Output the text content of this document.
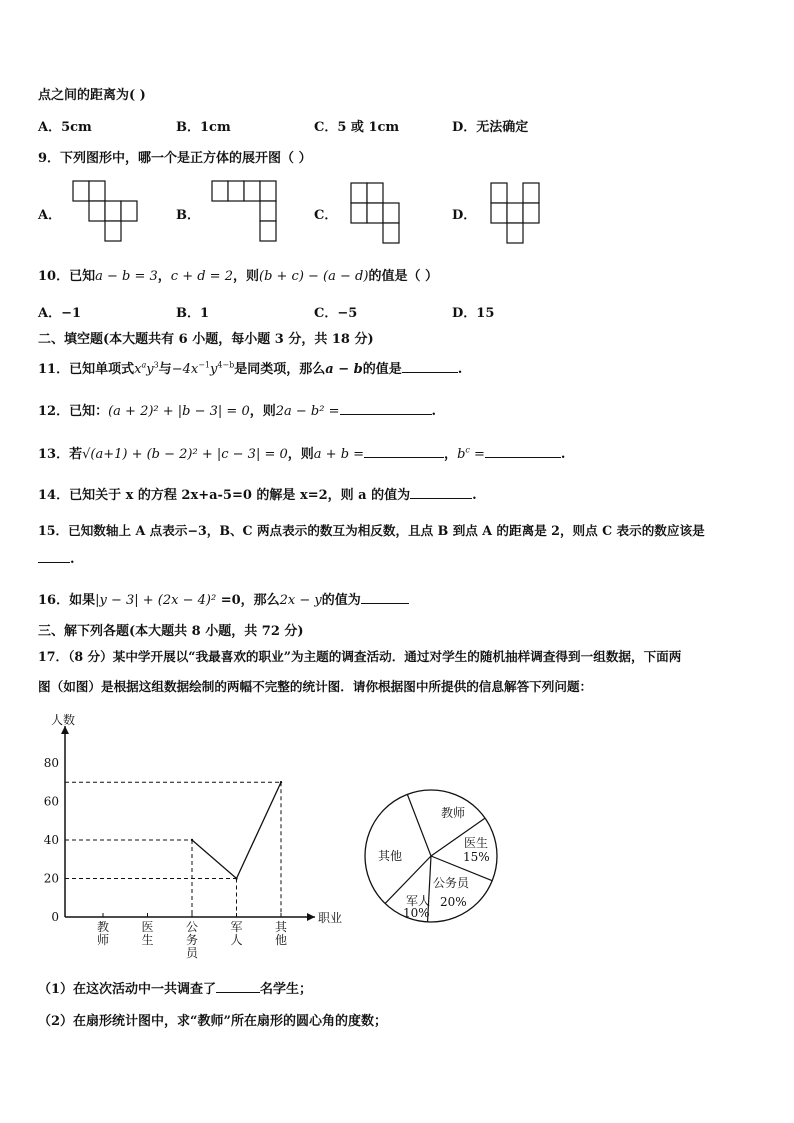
点之间的距离为( )
A．5cm	B．1cm	C．5 或 1cm	D．无法确定
9．下列图形中，哪一个是正方体的展开图（ ）
A．	B．	C．	D．
10．已知a − b = 3，c + d = 2，则(b + c) − (a − d)的值是（ ）
A．−1	B．1	C．−5	D．15
二、填空题(本大题共有 6 小题，每小题 3 分，共 18 分)
11．已知单项式$x^ay^3$与$-4x^{-1}y^{4-b}$是同类项，那么a − b的值是	.
12．已知：(a + 2)² + |b − 3| = 0，则2a − b² =	.
13．若√(a+1) + (b − 2)² + |c − 3| = 0，则a + b =	，$b^c$ =	.
14．已知关于 x 的方程 2x+a-5=0 的解是 x=2，则 a 的值为	.
15．已知数轴上 A 点表示−3，B、C 两点表示的数互为相反数，且点 B 到点 A 的距离是 2，则点 C 表示的数应该是
.
16．如果|y − 3| + (2x − 4)² =0，那么2x − y的值为
三、解下列各题(本大题共 8 小题，共 72 分)
17．（8 分）某中学开展以“我最喜欢的职业”为主题的调查活动．通过对学生的随机抽样调查得到一组数据，下面两
图（如图）是根据这组数据绘制的两幅不完整的统计图．请你根据图中所提供的信息解答下列问题：
人数
职业
0
20
40
60
80
教师
医生
公务员
军人
其他
教师
医生
15%
公务员
20%
军人
10%
其他
（1）在这次活动中一共调查了	名学生；
（2）在扇形统计图中，求“教师”所在扇形的圆心角的度数；
